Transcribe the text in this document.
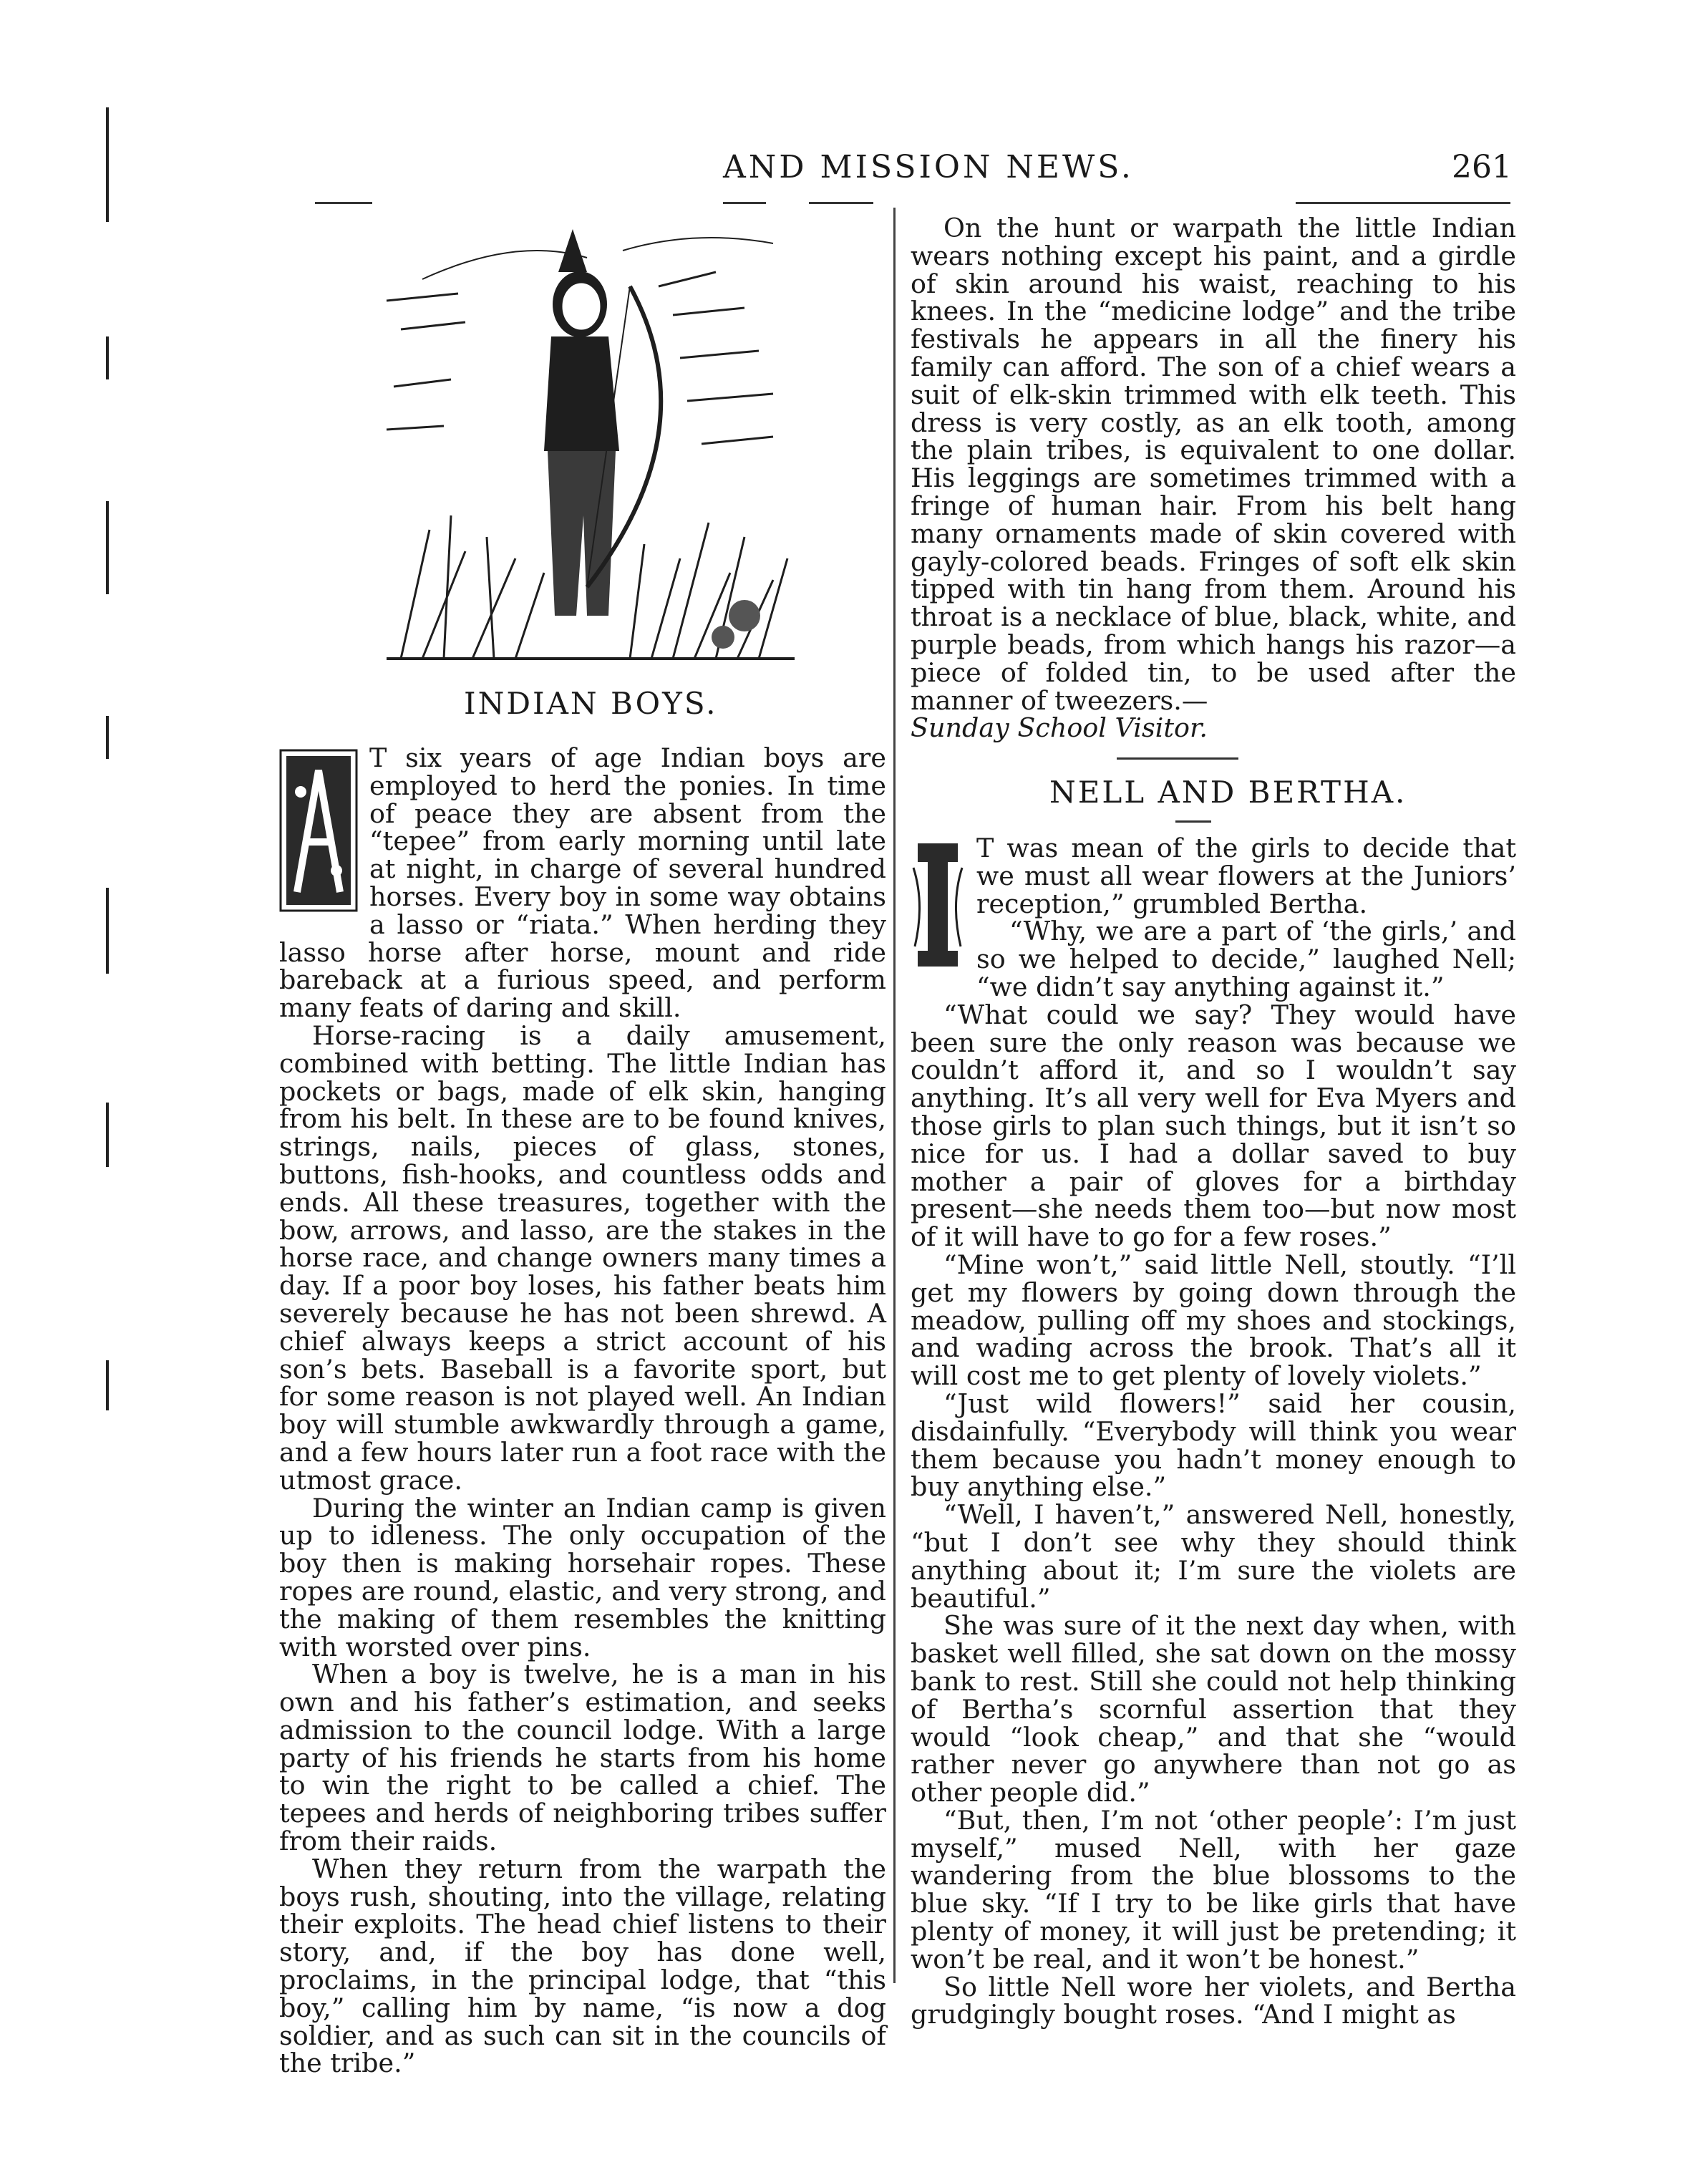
AND MISSION NEWS.	261
INDIAN BOYS.

T six years of age Indian boys are employed to herd the ponies. In time of peace they are absent from the “tepee” from early morning until late at night, in charge of several hundred horses. Every boy in some way obtains a lasso or “riata.” When herding they lasso horse after horse, mount and ride bareback at a furious speed, and perform many feats of daring and skill.

Horse-racing is a daily amusement, combined with betting. The little Indian has pockets or bags, made of elk skin, hanging from his belt. In these are to be found knives, strings, nails, pieces of glass, stones, buttons, fish-hooks, and countless odds and ends. All these treasures, together with the bow, arrows, and lasso, are the stakes in the horse race, and change owners many times a day. If a poor boy loses, his father beats him severely because he has not been shrewd. A chief always keeps a strict account of his son’s bets. Baseball is a favorite sport, but for some reason is not played well. An Indian boy will stumble awkwardly through a game, and a few hours later run a foot race with the utmost grace.

During the winter an Indian camp is given up to idleness. The only occupation of the boy then is making horsehair ropes. These ropes are round, elastic, and very strong, and the making of them resembles the knitting with worsted over pins.

When a boy is twelve, he is a man in his own and his father’s estimation, and seeks admission to the council lodge. With a large party of his friends he starts from his home to win the right to be called a chief. The tepees and herds of neighboring tribes suffer from their raids.

When they return from the warpath the boys rush, shouting, into the village, relating their exploits. The head chief listens to their story, and, if the boy has done well, proclaims, in the principal lodge, that “this boy,” calling him by name, “is now a dog soldier, and as such can sit in the councils of the tribe.”

On the hunt or warpath the little Indian wears nothing except his paint, and a girdle of skin around his waist, reaching to his knees. In the “medicine lodge” and the tribe festivals he appears in all the finery his family can afford. The son of a chief wears a suit of elk-skin trimmed with elk teeth. This dress is very costly, as an elk tooth, among the plain tribes, is equivalent to one dollar. His leggings are sometimes trimmed with a fringe of human hair. From his belt hang many ornaments made of skin covered with gayly-colored beads. Fringes of soft elk skin tipped with tin hang from them. Around his throat is a necklace of blue, black, white, and purple beads, from which hangs his razor—a piece of folded tin, to be used after the manner of tweezers.—

Sunday School Visitor.

NELL AND BERTHA.

T was mean of the girls to decide that we must all wear flowers at the Juniors’ reception,” grumbled Bertha.

“Why, we are a part of ‘the girls,’ and so we helped to decide,” laughed Nell; “we didn’t say anything against it.”

“What could we say? They would have been sure the only reason was because we couldn’t afford it, and so I wouldn’t say anything. It’s all very well for Eva Myers and those girls to plan such things, but it isn’t so nice for us. I had a dollar saved to buy mother a pair of gloves for a birthday present—she needs them too—but now most of it will have to go for a few roses.”

“Mine won’t,” said little Nell, stoutly. “I’ll get my flowers by going down through the meadow, pulling off my shoes and stockings, and wading across the brook. That’s all it will cost me to get plenty of lovely violets.”

“Just wild flowers!” said her cousin, disdainfully. “Everybody will think you wear them because you hadn’t money enough to buy anything else.”

“Well, I haven’t,” answered Nell, honestly, “but I don’t see why they should think anything about it; I’m sure the violets are beautiful.”

She was sure of it the next day when, with basket well filled, she sat down on the mossy bank to rest. Still she could not help thinking of Bertha’s scornful assertion that they would “look cheap,” and that she “would rather never go anywhere than not go as other people did.”

“But, then, I’m not ‘other people’: I’m just myself,” mused Nell, with her gaze wandering from the blue blossoms to the blue sky. “If I try to be like girls that have plenty of money, it will just be pretending; it won’t be real, and it won’t be honest.”

So little Nell wore her violets, and Bertha grudgingly bought roses. “And I might as
